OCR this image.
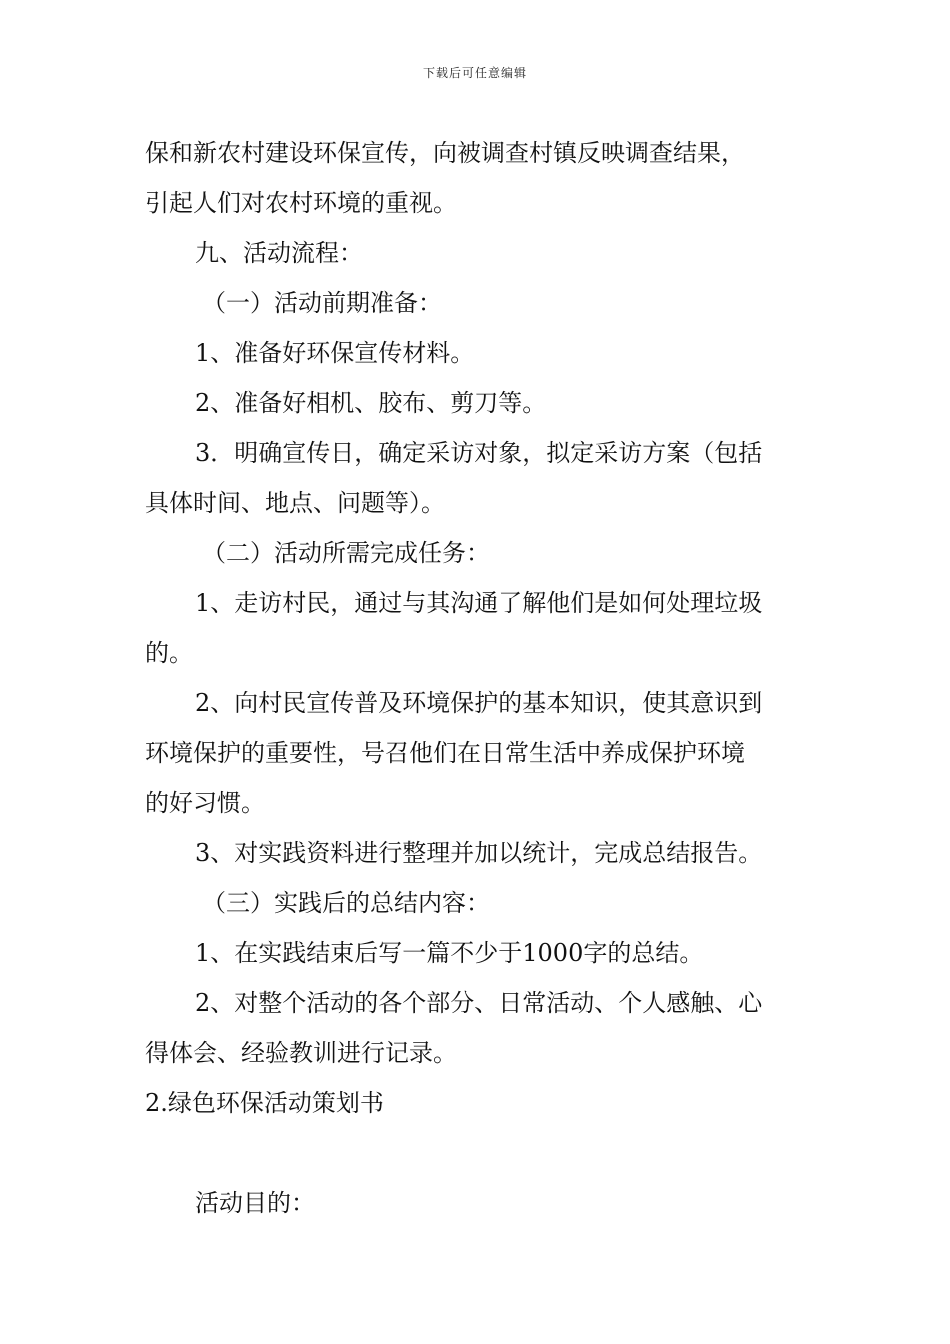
下载后可任意编辑

保和新农村建设环保宣传，向被调查村镇反映调查结果，

引起人们对农村环境的重视。

九、活动流程：

（一）活动前期准备：

1、准备好环保宣传材料。

2、准备好相机、胶布、剪刀等。

3．明确宣传日，确定采访对象，拟定采访方案（包括

具体时间、地点、问题等）。

（二）活动所需完成任务：

1、走访村民，通过与其沟通了解他们是如何处理垃圾

的。

2、向村民宣传普及环境保护的基本知识，使其意识到

环境保护的重要性，号召他们在日常生活中养成保护环境

的好习惯。

3、对实践资料进行整理并加以统计，完成总结报告。

（三）实践后的总结内容：

1、在实践结束后写一篇不少于1000字的总结。

2、对整个活动的各个部分、日常活动、个人感触、心

得体会、经验教训进行记录。

2.绿色环保活动策划书

活动目的：
